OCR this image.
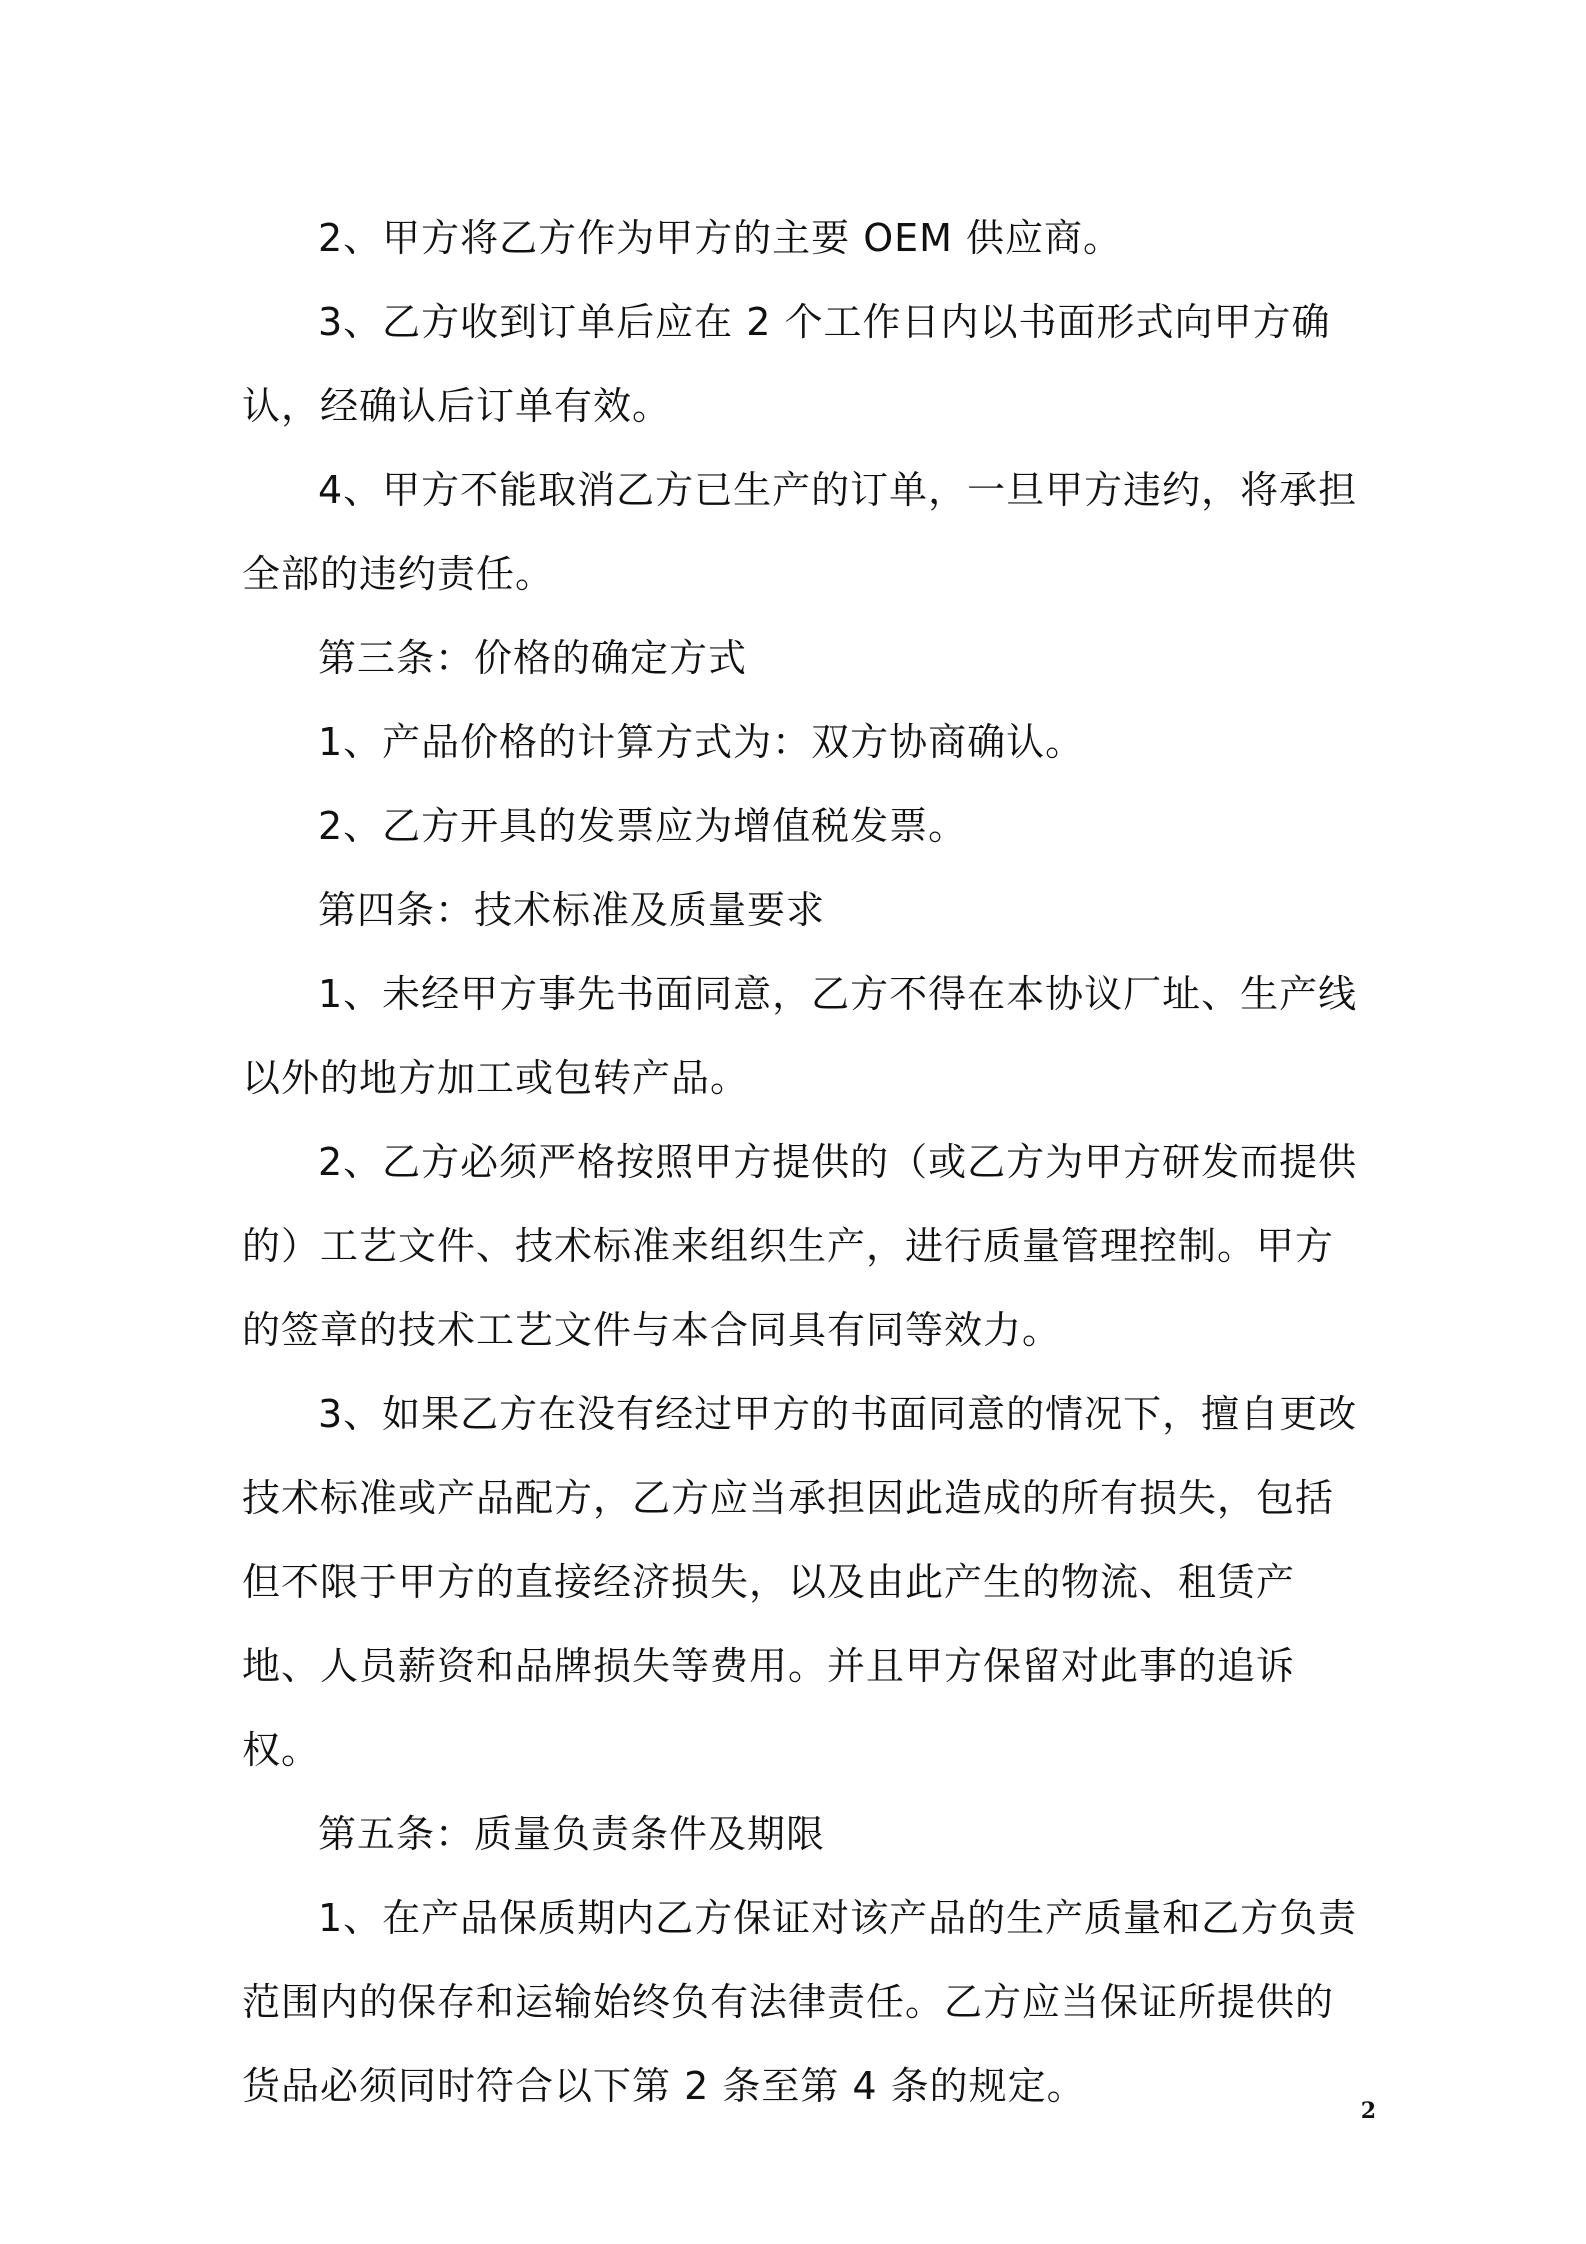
2、甲方将乙方作为甲方的主要 OEM 供应商。

3、乙方收到订单后应在 2 个工作日内以书面形式向甲方确认，经确认后订单有效。

4、甲方不能取消乙方已生产的订单，一旦甲方违约，将承担全部的违约责任。

第三条：价格的确定方式

1、产品价格的计算方式为：双方协商确认。

2、乙方开具的发票应为增值税发票。

第四条：技术标准及质量要求

1、未经甲方事先书面同意，乙方不得在本协议厂址、生产线以外的地方加工或包转产品。

2、乙方必须严格按照甲方提供的（或乙方为甲方研发而提供的）工艺文件、技术标准来组织生产，进行质量管理控制。甲方的签章的技术工艺文件与本合同具有同等效力。

3、如果乙方在没有经过甲方的书面同意的情况下，擅自更改技术标准或产品配方，乙方应当承担因此造成的所有损失，包括但不限于甲方的直接经济损失，以及由此产生的物流、租赁产地、人员薪资和品牌损失等费用。并且甲方保留对此事的追诉权。

第五条：质量负责条件及期限

1、在产品保质期内乙方保证对该产品的生产质量和乙方负责范围内的保存和运输始终负有法律责任。乙方应当保证所提供的货品必须同时符合以下第 2 条至第 4 条的规定。

2
